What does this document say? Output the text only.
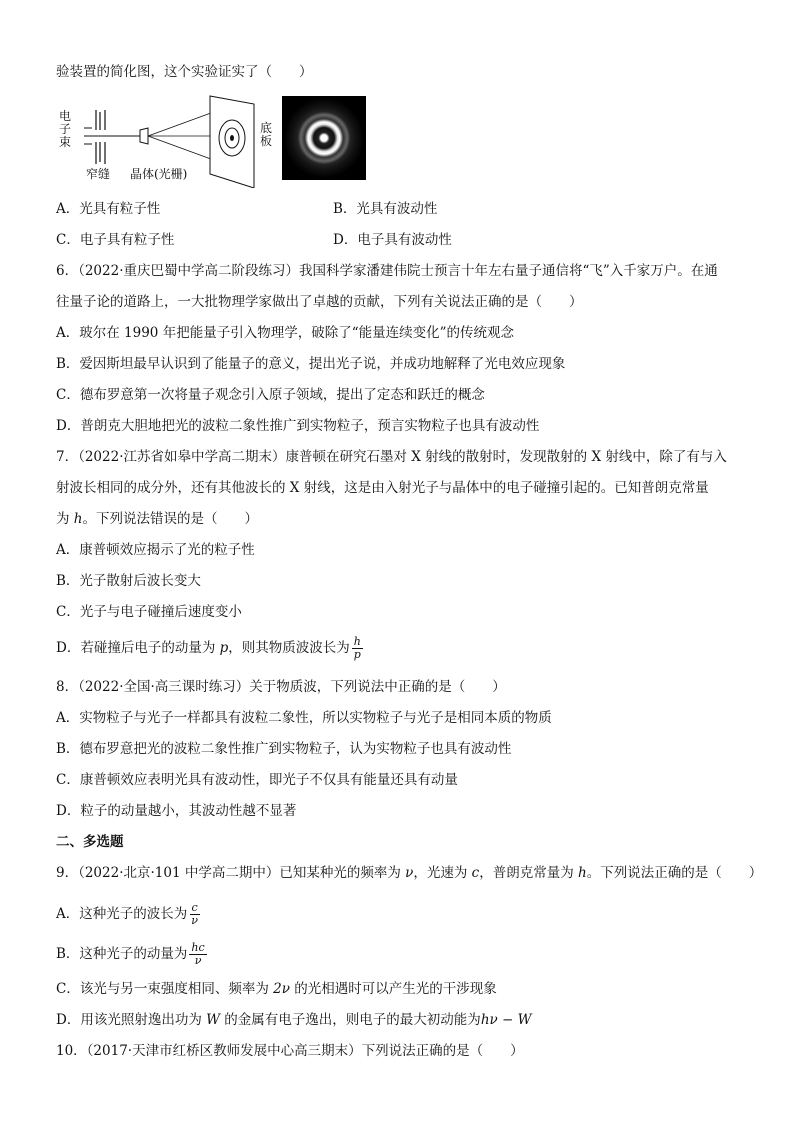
验装置的简化图，这个实验证实了（　　）
电子束
窄缝 晶体(光栅)
底板
A．光具有粒子性	B．光具有波动性
C．电子具有粒子性	D．电子具有波动性
6．（2022·重庆巴蜀中学高二阶段练习）我国科学家潘建伟院士预言十年左右量子通信将“飞”入千家万户。在通
往量子论的道路上，一大批物理学家做出了卓越的贡献，下列有关说法正确的是（　　）
A．玻尔在 1990 年把能量子引入物理学，破除了“能量连续变化”的传统观念
B．爱因斯坦最早认识到了能量子的意义，提出光子说，并成功地解释了光电效应现象
C．德布罗意第一次将量子观念引入原子领域，提出了定态和跃迁的概念
D．普朗克大胆地把光的波粒二象性推广到实物粒子，预言实物粒子也具有波动性
7．（2022·江苏省如皋中学高二期末）康普顿在研究石墨对 X 射线的散射时，发现散射的 X 射线中，除了有与入
射波长相同的成分外，还有其他波长的 X 射线，这是由入射光子与晶体中的电子碰撞引起的。已知普朗克常量
为 h。下列说法错误的是（　　）
A．康普顿效应揭示了光的粒子性
B．光子散射后波长变大
C．光子与电子碰撞后速度变小
D．若碰撞后电子的动量为 p，则其物质波波长为 $\frac{h}{p}$
8．（2022·全国·高三课时练习）关于物质波，下列说法中正确的是（　　）
A．实物粒子与光子一样都具有波粒二象性，所以实物粒子与光子是相同本质的物质
B．德布罗意把光的波粒二象性推广到实物粒子，认为实物粒子也具有波动性
C．康普顿效应表明光具有波动性，即光子不仅具有能量还具有动量
D．粒子的动量越小，其波动性越不显著
二、多选题
9．（2022·北京·101 中学高二期中）已知某种光的频率为 ν，光速为 c，普朗克常量为 h。下列说法正确的是（　　）
A．这种光子的波长为 $\frac{c}{\nu}$
B．这种光子的动量为 $\frac{hc}{\nu}$
C．该光与另一束强度相同、频率为 2ν 的光相遇时可以产生光的干涉现象
D．用该光照射逸出功为 W 的金属有电子逸出，则电子的最大初动能为hν − W
10．（2017·天津市红桥区教师发展中心高三期末）下列说法正确的是（　　）
